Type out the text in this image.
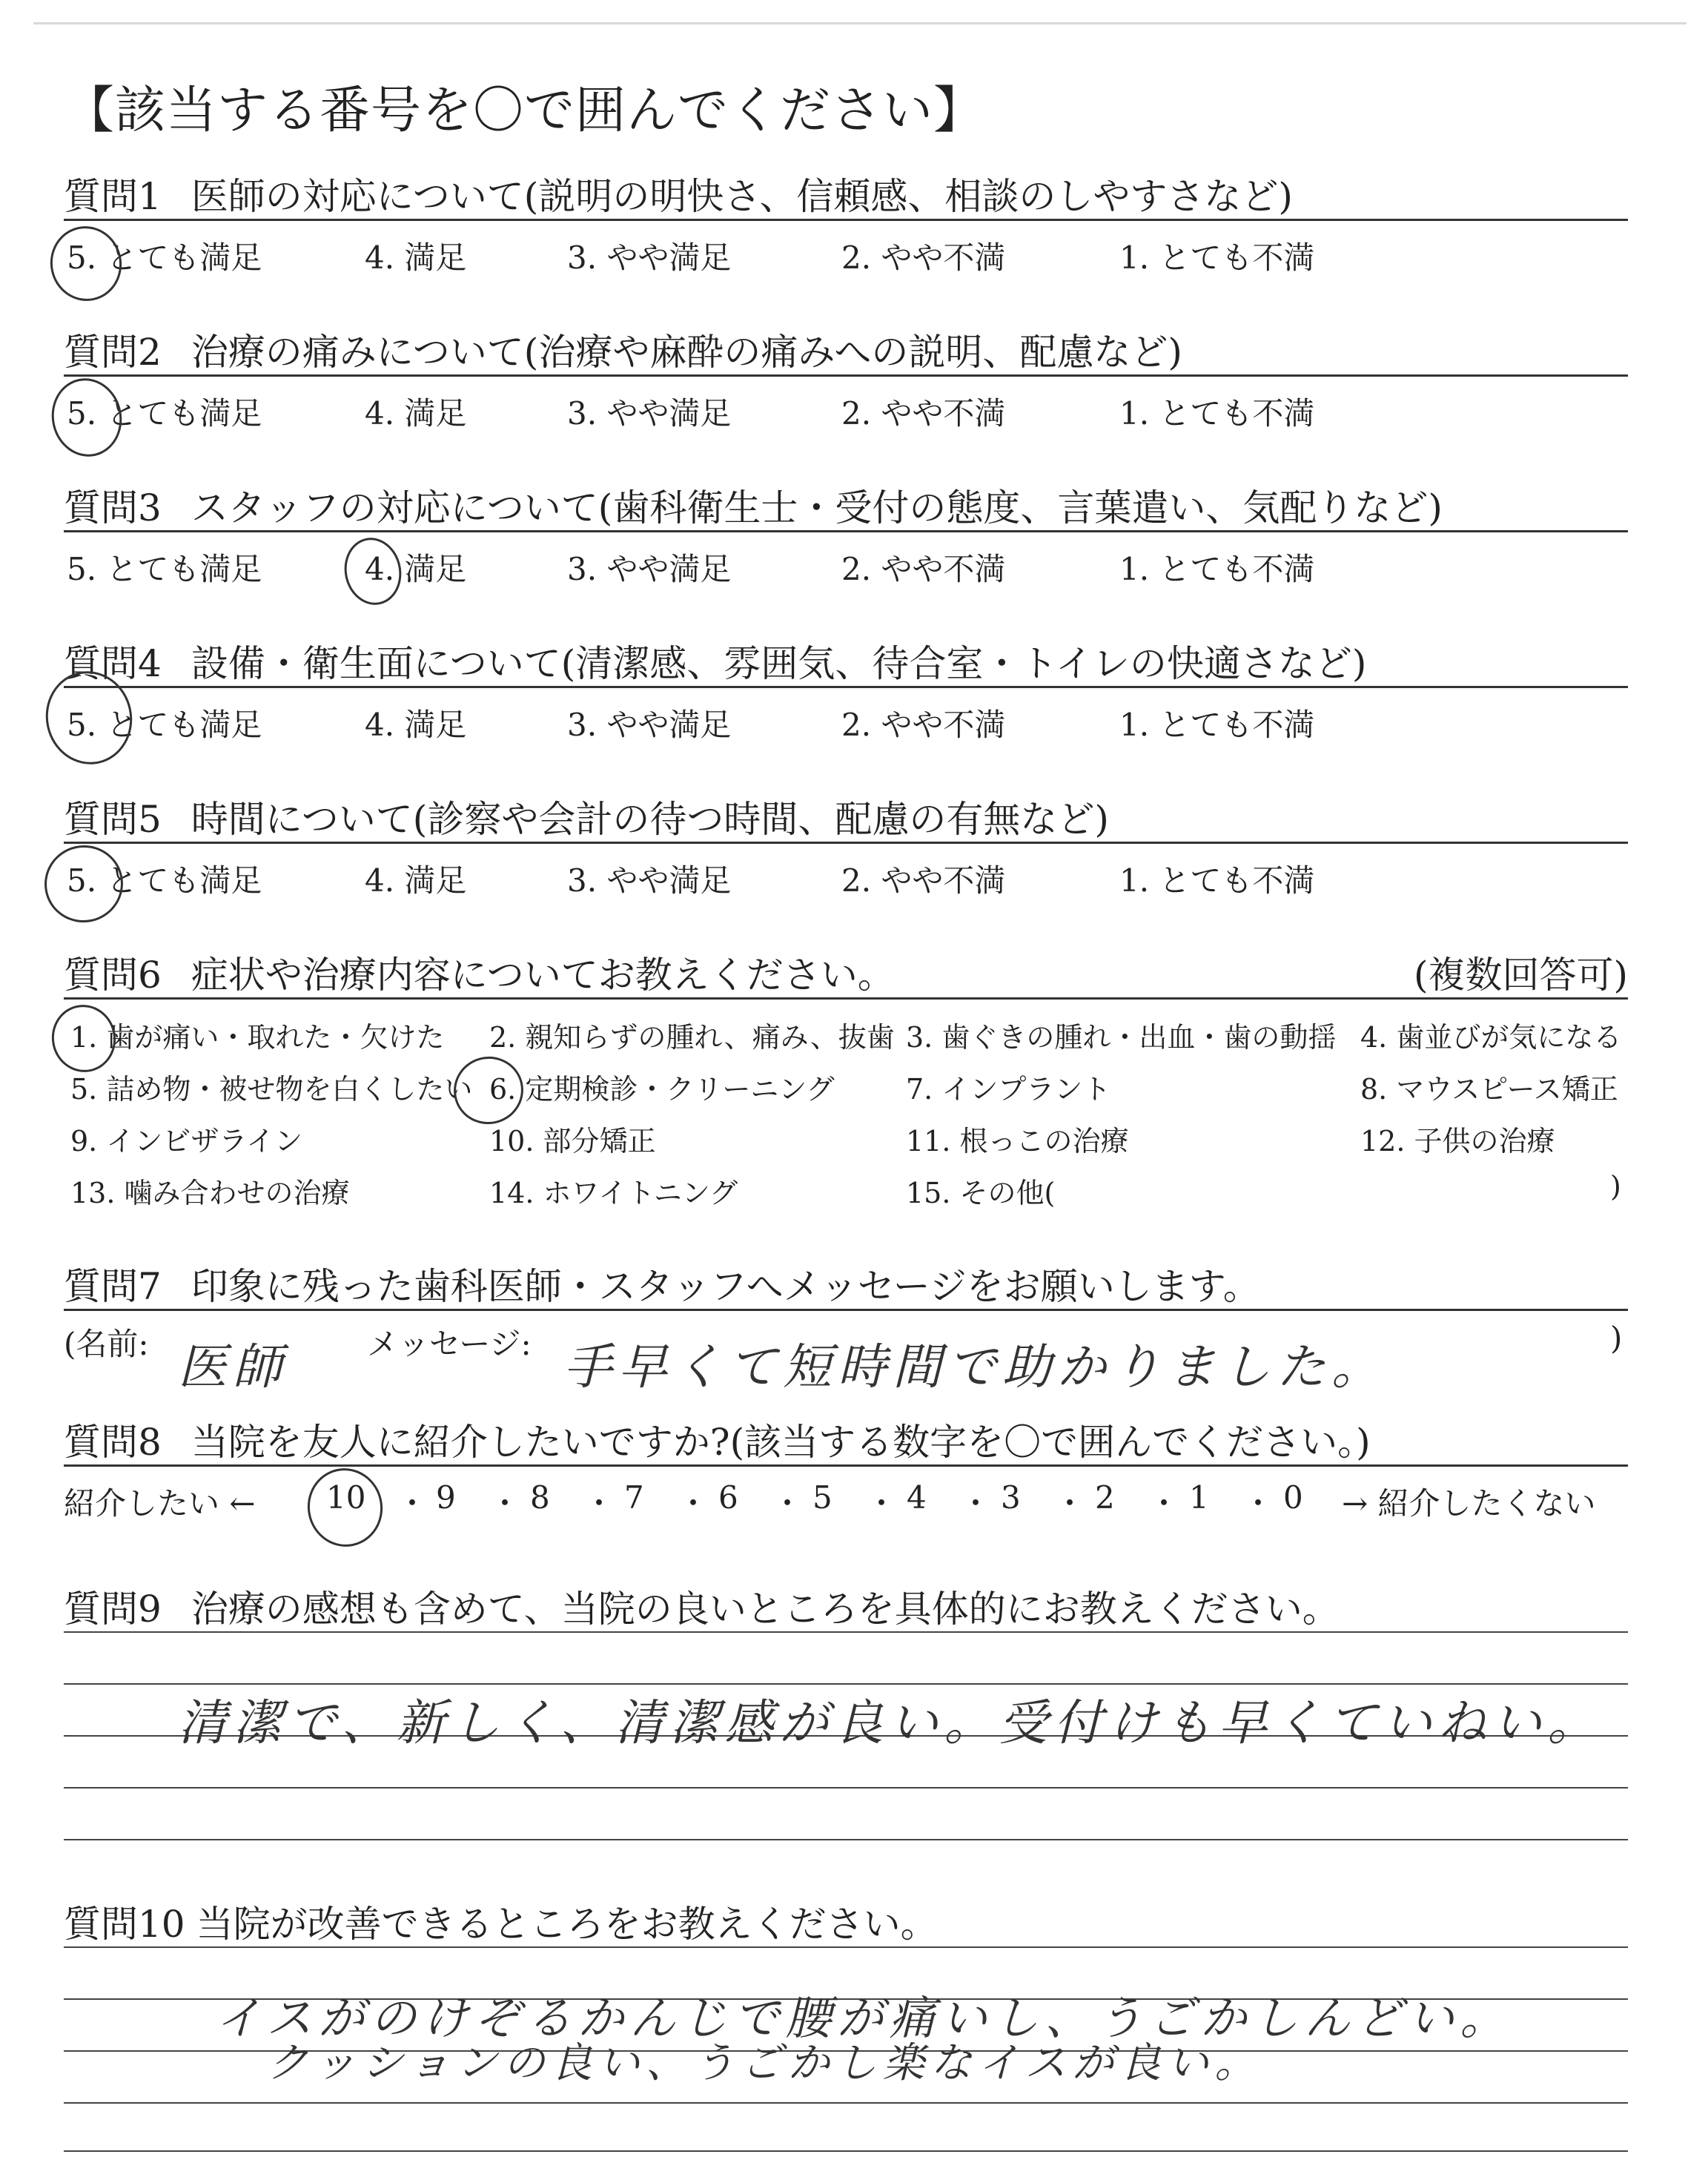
【該当する番号を〇で囲んでください】
質問1 医師の対応について(説明の明快さ、信頼感、相談のしやすさなど)
5. とても満足	4. 満足	3. やや満足	2. やや不満	1. とても不満
質問2 治療の痛みについて(治療や麻酔の痛みへの説明、配慮など)
5. とても満足	4. 満足	3. やや満足	2. やや不満	1. とても不満
質問3 スタッフの対応について(歯科衛生士・受付の態度、言葉遣い、気配りなど)
5. とても満足	4. 満足	3. やや満足	2. やや不満	1. とても不満
質問4 設備・衛生面について(清潔感、雰囲気、待合室・トイレの快適さなど)
5. とても満足	4. 満足	3. やや満足	2. やや不満	1. とても不満
質問5 時間について(診察や会計の待つ時間、配慮の有無など)
5. とても満足	4. 満足	3. やや満足	2. やや不満	1. とても不満
質問6 症状や治療内容についてお教えください。	(複数回答可)
1. 歯が痛い・取れた・欠けた 2. 親知らずの腫れ、痛み、抜歯 3. 歯ぐきの腫れ・出血・歯の動揺 4. 歯並びが気になる
5. 詰め物・被せ物を白くしたい 6. 定期検診・クリーニング	7. インプラント	8. マウスピース矯正
9. インビザライン	10. 部分矯正	11. 根っこの治療	12. 子供の治療
13. 噛み合わせの治療	14. ホワイトニング	15. その他(	)
質問7 印象に残った歯科医師・スタッフへメッセージをお願いします。
(名前: 医師	メッセージ: 手早くて短時間で助かりました。
)
質問8 当院を友人に紹介したいですか?(該当する数字を〇で囲んでください。)
紹介したい ← 10 ・ 9 ・ 8 ・ 7 ・ 6 ・ 5 ・ 4 ・ 3 ・ 2 ・ 1 ・ 0 → 紹介したくない
質問9 治療の感想も含めて、当院の良いところを具体的にお教えください。
清潔で、新しく、清潔感が良い。受付けも早くていねい。
質問10 当院が改善できるところをお教えください。
イスがのけぞるかんじで腰が痛いし、うごかしんどい。
クッションの良い、うごかし楽なイスが良い。
